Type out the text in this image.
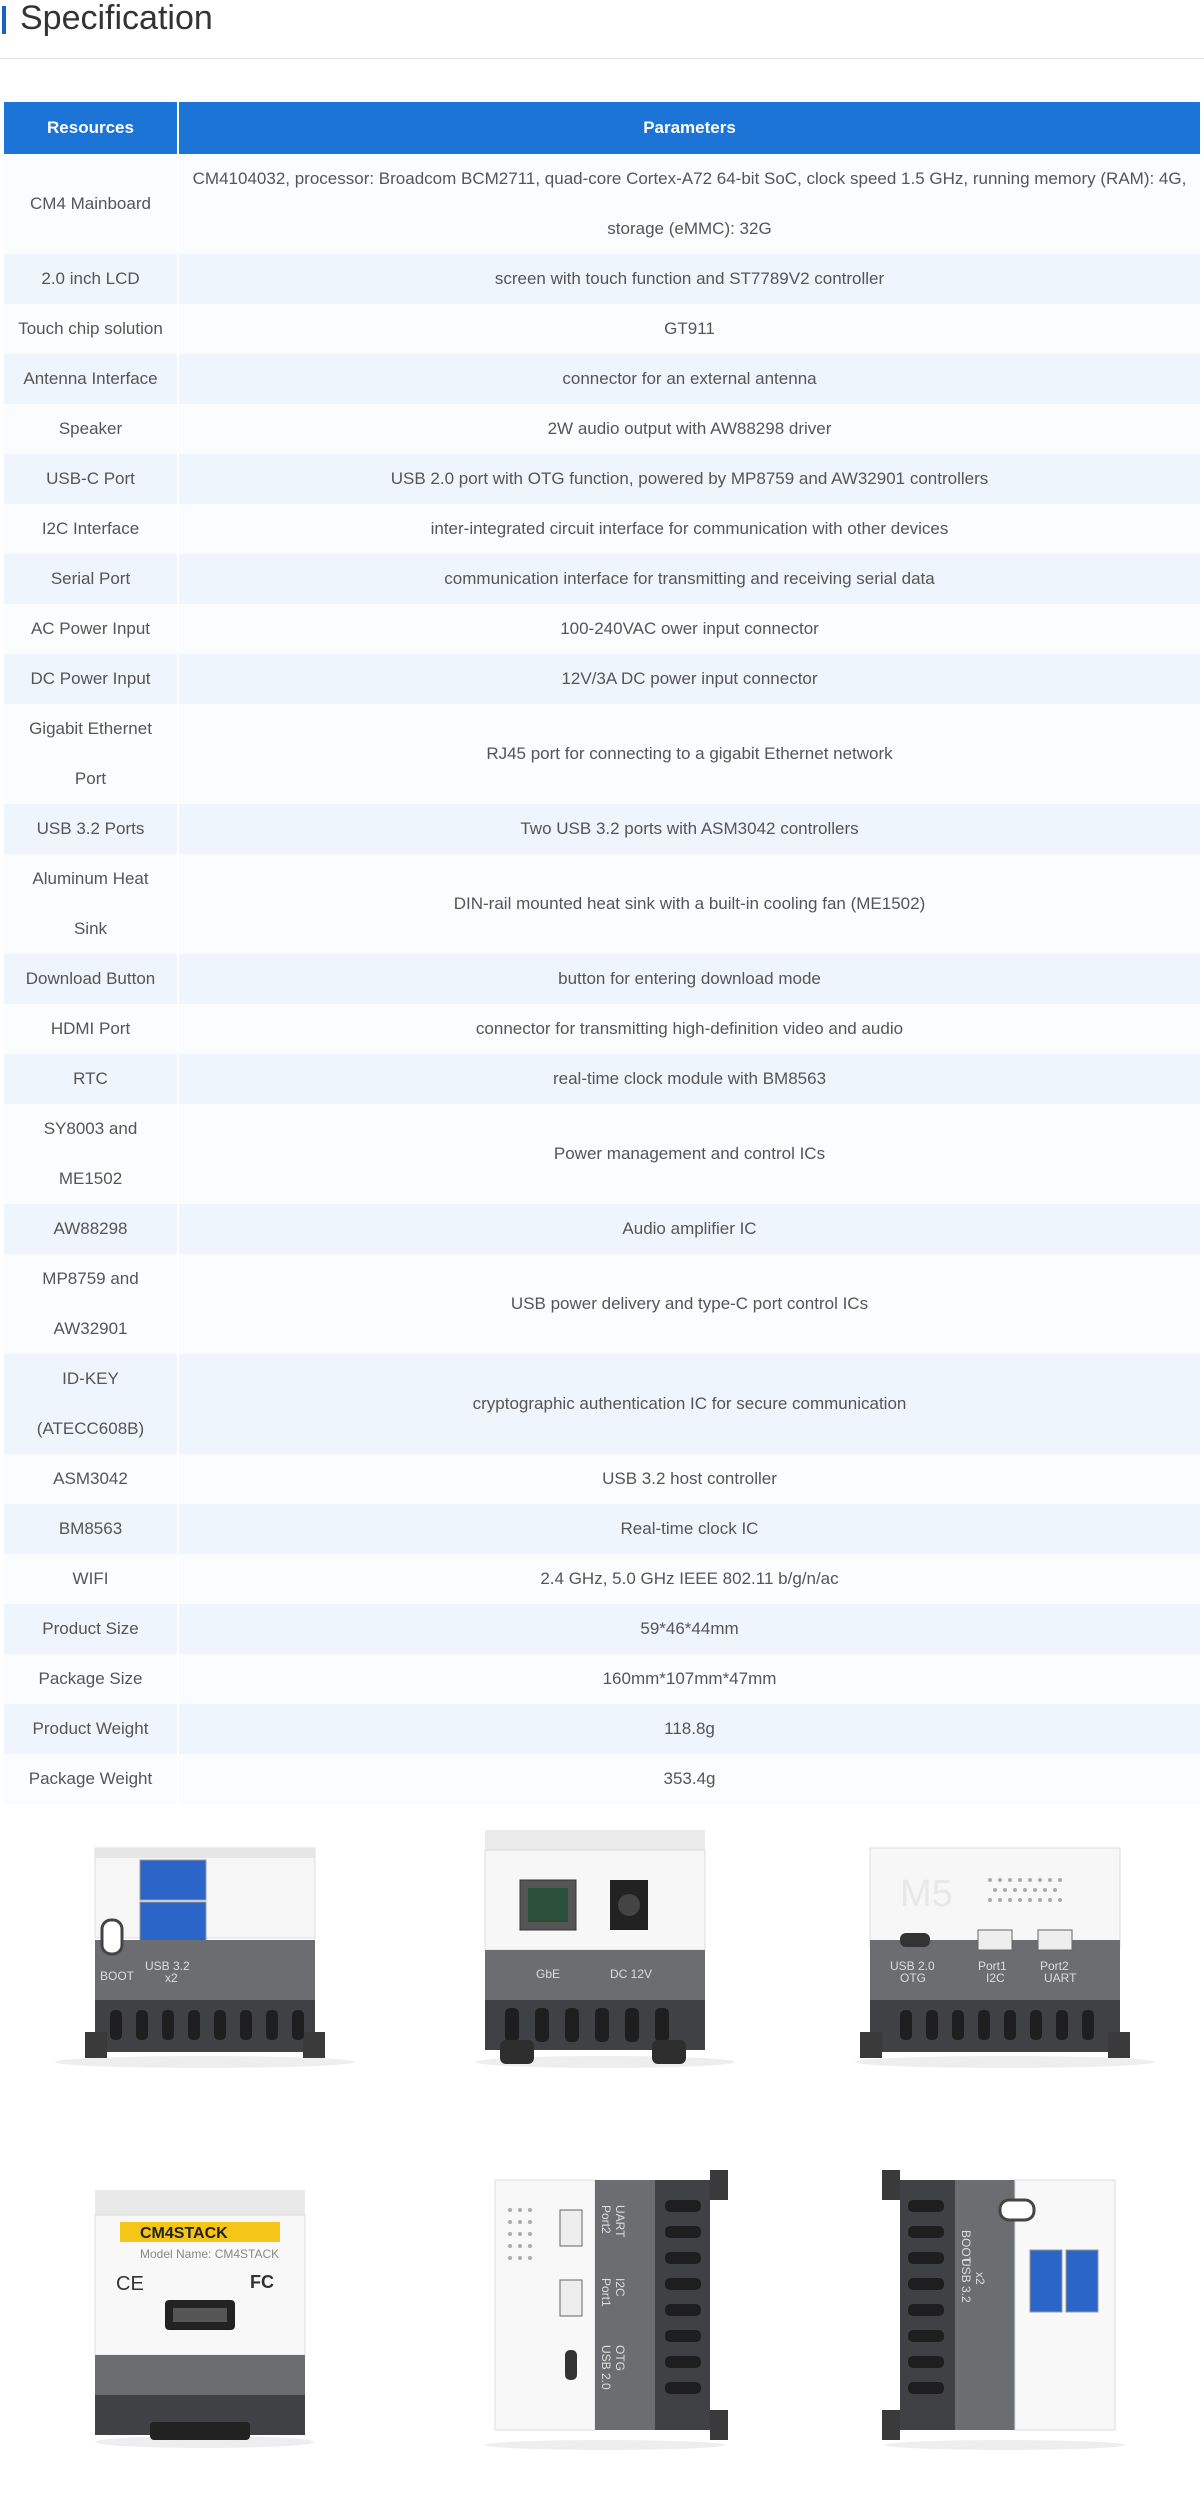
Specification
Resources	Parameters
CM4 Mainboard	CM4104032, processor: Broadcom BCM2711, quad-core Cortex-A72 64-bit SoC, clock speed 1.5 GHz, running memory (RAM): 4G, storage (eMMC): 32G
2.0 inch LCD	screen with touch function and ST7789V2 controller
Touch chip solution	GT911
Antenna Interface	connector for an external antenna
Speaker	2W audio output with AW88298 driver
USB-C Port	USB 2.0 port with OTG function, powered by MP8759 and AW32901 controllers
I2C Interface	inter-integrated circuit interface for communication with other devices
Serial Port	communication interface for transmitting and receiving serial data
AC Power Input	100-240VAC ower input connector
DC Power Input	12V/3A DC power input connector
Gigabit Ethernet Port	RJ45 port for connecting to a gigabit Ethernet network
USB 3.2 Ports	Two USB 3.2 ports with ASM3042 controllers
Aluminum Heat Sink	DIN-rail mounted heat sink with a built-in cooling fan (ME1502)
Download Button	button for entering download mode
HDMI Port	connector for transmitting high-definition video and audio
RTC	real-time clock module with BM8563
SY8003 and ME1502	Power management and control ICs
AW88298	Audio amplifier IC
MP8759 and AW32901	USB power delivery and type-C port control ICs
ID-KEY (ATECC608B)	cryptographic authentication IC for secure communication
ASM3042	USB 3.2 host controller
BM8563	Real-time clock IC
WIFI	2.4 GHz, 5.0 GHz IEEE 802.11 b/g/n/ac
Product Size	59*46*44mm
Package Size	160mm*107mm*47mm
Product Weight	118.8g
Package Weight	353.4g
BOOT
USB 3.2
x2	GbE	DC 12V
M5
USB 2.0
OTG
Port1
I2C
Port2
UART
CM4STACK
Model Name: CM4STACK
CE	FC
Port2 UART
Port1 I2C
USB 2.0 OTG
BOOT
USB 3.2 x2
